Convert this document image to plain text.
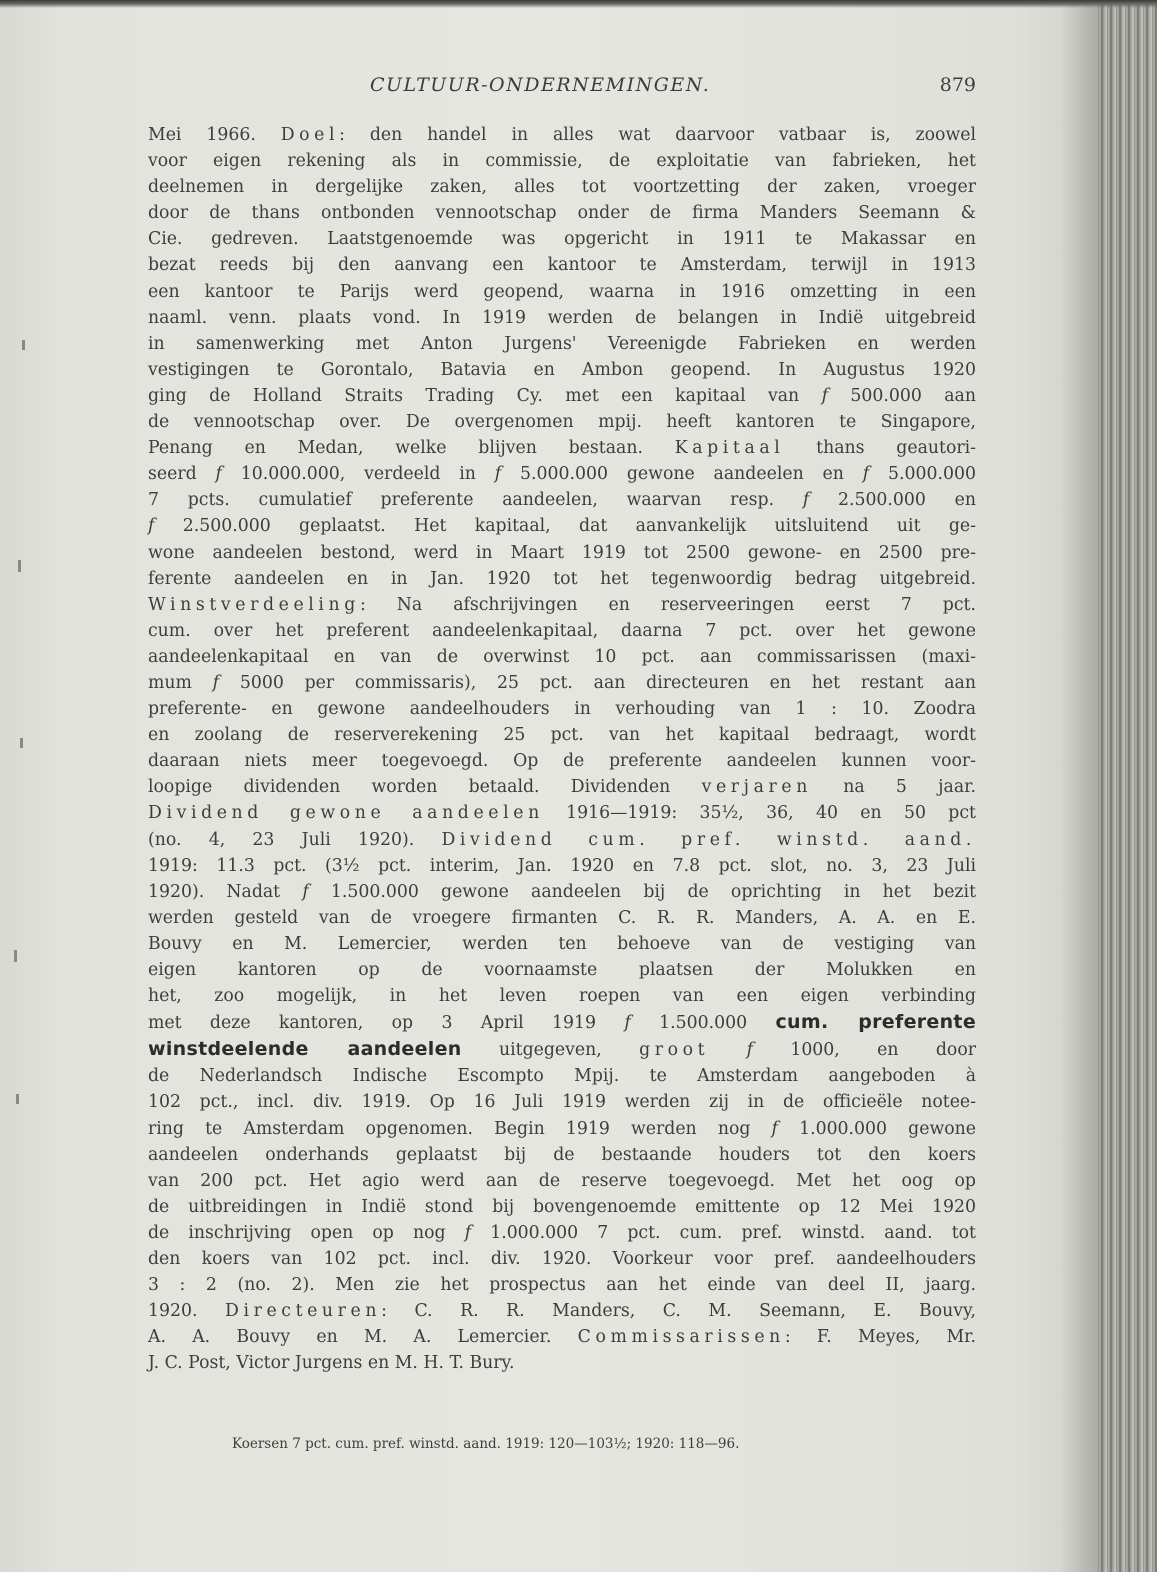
CULTUUR-ONDERNEMINGEN.	879

Mei 1966. Doel: den handel in alles wat daarvoor vatbaar is, zoowel

voor eigen rekening als in commissie, de exploitatie van fabrieken, het

deelnemen in dergelijke zaken, alles tot voortzetting der zaken, vroeger

door de thans ontbonden vennootschap onder de firma Manders Seemann &

Cie. gedreven. Laatstgenoemde was opgericht in 1911 te Makassar en

bezat reeds bij den aanvang een kantoor te Amsterdam, terwijl in 1913

een kantoor te Parijs werd geopend, waarna in 1916 omzetting in een

naaml. venn. plaats vond. In 1919 werden de belangen in Indië uitgebreid

in samenwerking met Anton Jurgens' Vereenigde Fabrieken en werden

vestigingen te Gorontalo, Batavia en Ambon geopend. In Augustus 1920

ging de Holland Straits Trading Cy. met een kapitaal van f 500.000 aan

de vennootschap over. De overgenomen mpij. heeft kantoren te Singapore,

Penang en Medan, welke blijven bestaan. Kapitaal thans geautori-

seerd f 10.000.000, verdeeld in f 5.000.000 gewone aandeelen en f 5.000.000

7 pcts. cumulatief preferente aandeelen, waarvan resp. f 2.500.000 en

f 2.500.000 geplaatst. Het kapitaal, dat aanvankelijk uitsluitend uit ge-

wone aandeelen bestond, werd in Maart 1919 tot 2500 gewone- en 2500 pre-

ferente aandeelen en in Jan. 1920 tot het tegenwoordig bedrag uitgebreid.

Winstverdeeling: Na afschrijvingen en reserveeringen eerst 7 pct.

cum. over het preferent aandeelenkapitaal, daarna 7 pct. over het gewone

aandeelenkapitaal en van de overwinst 10 pct. aan commissarissen (maxi-

mum f 5000 per commissaris), 25 pct. aan directeuren en het restant aan

preferente- en gewone aandeelhouders in verhouding van 1 : 10. Zoodra

en zoolang de reserverekening 25 pct. van het kapitaal bedraagt, wordt

daaraan niets meer toegevoegd. Op de preferente aandeelen kunnen voor-

loopige dividenden worden betaald. Dividenden verjaren na 5 jaar.

Dividend gewone aandeelen 1916—1919: 35½, 36, 40 en 50 pct

(no. 4, 23 Juli 1920). Dividend cum. pref. winstd. aand.

1919: 11.3 pct. (3½ pct. interim, Jan. 1920 en 7.8 pct. slot, no. 3, 23 Juli

1920). Nadat f 1.500.000 gewone aandeelen bij de oprichting in het bezit

werden gesteld van de vroegere firmanten C. R. R. Manders, A. A. en E.

Bouvy en M. Lemercier, werden ten behoeve van de vestiging van

eigen kantoren op de voornaamste plaatsen der Molukken en

het, zoo mogelijk, in het leven roepen van een eigen verbinding

met deze kantoren, op 3 April 1919 f 1.500.000 cum. preferente

winstdeelende aandeelen uitgegeven, groot f 1000, en door

de Nederlandsch Indische Escompto Mpij. te Amsterdam aangeboden à

102 pct., incl. div. 1919. Op 16 Juli 1919 werden zij in de officieële notee-

ring te Amsterdam opgenomen. Begin 1919 werden nog f 1.000.000 gewone

aandeelen onderhands geplaatst bij de bestaande houders tot den koers

van 200 pct. Het agio werd aan de reserve toegevoegd. Met het oog op

de uitbreidingen in Indië stond bij bovengenoemde emittente op 12 Mei 1920

de inschrijving open op nog f 1.000.000 7 pct. cum. pref. winstd. aand. tot

den koers van 102 pct. incl. div. 1920. Voorkeur voor pref. aandeelhouders

3 : 2 (no. 2). Men zie het prospectus aan het einde van deel II, jaarg.

1920. Directeuren: C. R. R. Manders, C. M. Seemann, E. Bouvy,

A. A. Bouvy en M. A. Lemercier. Commissarissen: F. Meyes, Mr.

J. C. Post, Victor Jurgens en M. H. T. Bury.

Koersen 7 pct. cum. pref. winstd. aand. 1919: 120—103½; 1920: 118—96.
